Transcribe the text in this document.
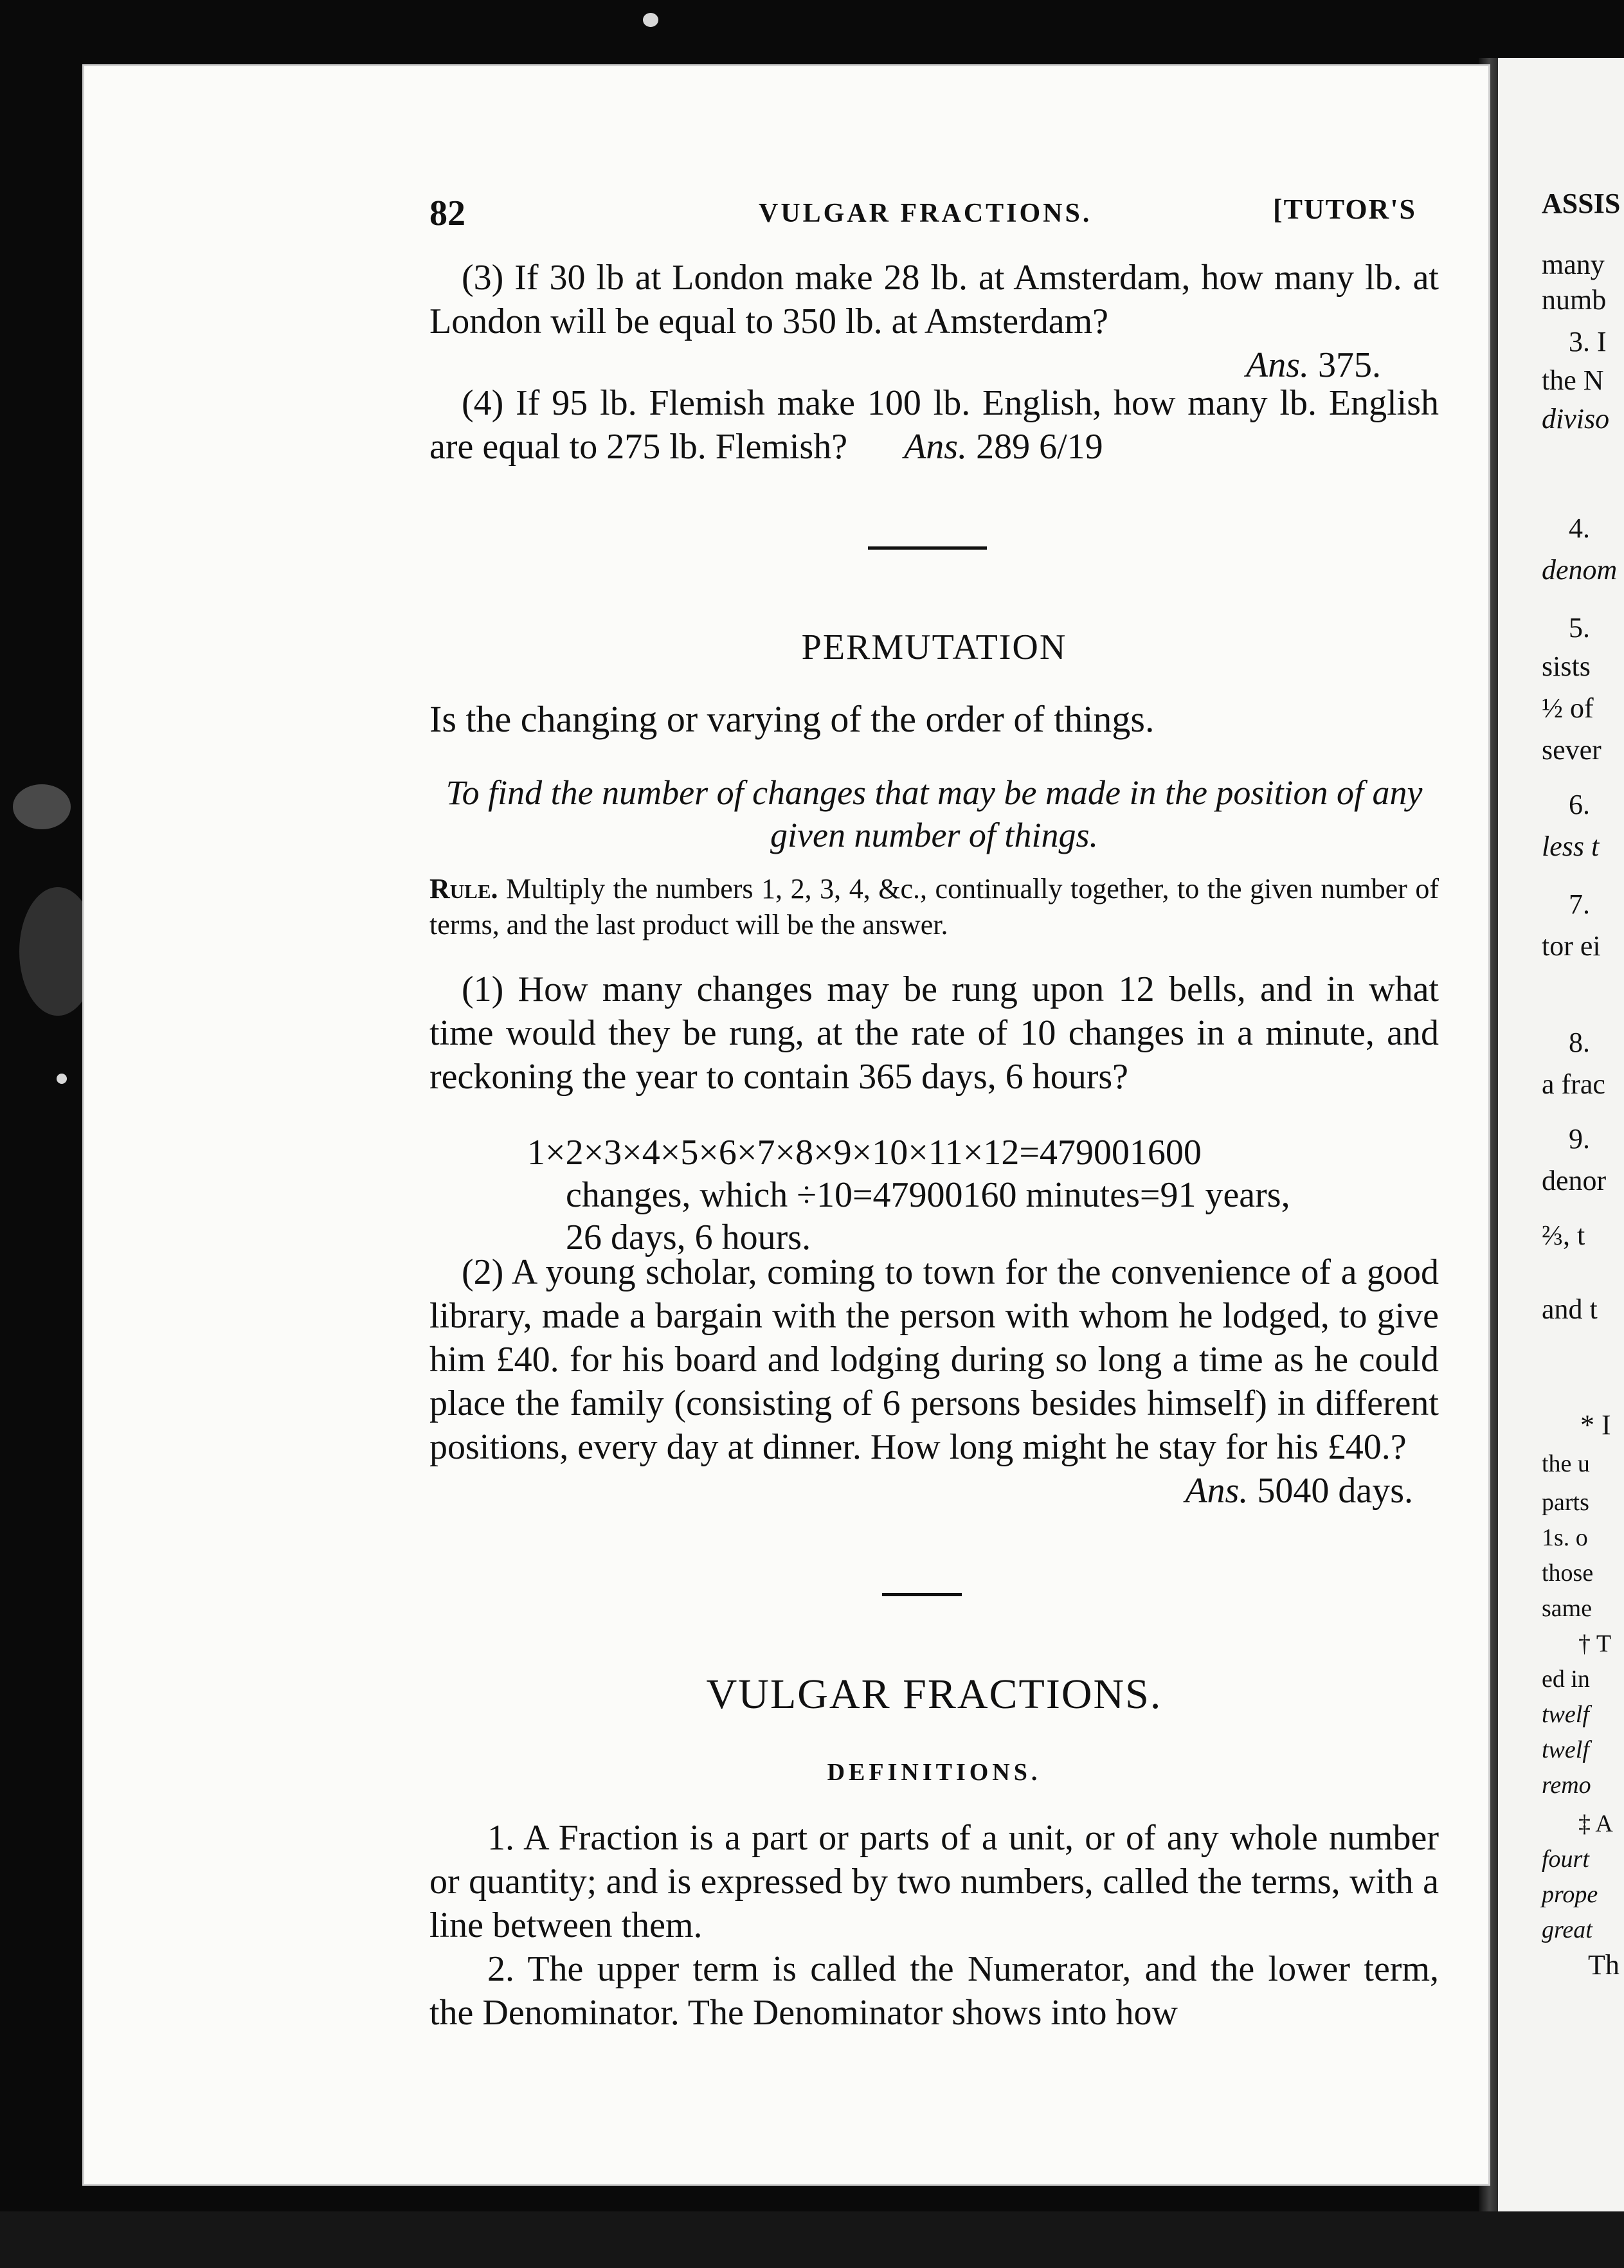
82	VULGAR FRACTIONS.	[TUTOR'S

(3) If 30 lb at London make 28 lb. at Amsterdam, how many lb. at London will be equal to 350 lb. at Amsterdam?

Ans. 375.

(4) If 95 lb. Flemish make 100 lb. English, how many lb. English are equal to 275 lb. Flemish? Ans. 289 6/19

PERMUTATION
Is the changing or varying of the order of things.
To find the number of changes that may be made in the position of any given number of things.
Rule. Multiply the numbers 1, 2, 3, 4, &c., continually together, to the given number of terms, and the last product will be the answer.

(1) How many changes may be rung upon 12 bells, and in what time would they be rung, at the rate of 10 changes in a minute, and reckoning the year to contain 365 days, 6 hours?

1×2×3×4×5×6×7×8×9×10×11×12=479001600
changes, which ÷10=47900160 minutes=91 years,
26 days, 6 hours.

(2) A young scholar, coming to town for the convenience of a good library, made a bargain with the person with whom he lodged, to give him £40. for his board and lodging during so long a time as he could place the family (consisting of 6 persons besides himself) in different positions, every day at dinner. How long might he stay for his £40.?

Ans. 5040 days.
VULGAR FRACTIONS.
DEFINITIONS.

1. A Fraction is a part or parts of a unit, or of any whole number or quantity; and is expressed by two numbers, called the terms, with a line between them.

2. The upper term is called the Numerator, and the lower term, the Denominator. The Denominator shows into how

ASSIS
many
numb
3. I
the N
diviso
4.
denom
5.
sists
½ of
sever
6.
less t
7.
tor ei
8.
a frac
9.
denor
⅔, t
and t
* I
the u
parts
1s. o
those
same
† T
ed in
twelf
twelf
remo
‡ A
fourt
prope
great
Th
